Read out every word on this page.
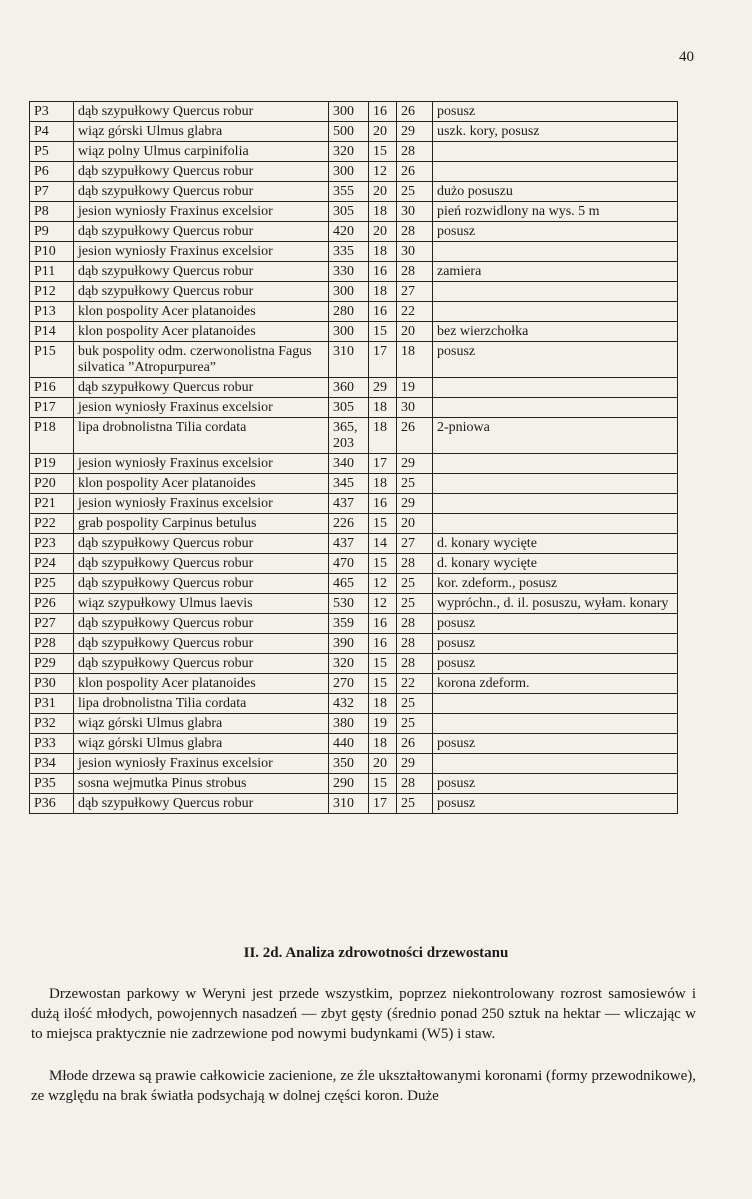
40
P3	dąb szypułkowy Quercus robur	300	16	26	posusz
P4	wiąz górski Ulmus glabra	500	20	29	uszk. kory, posusz
P5	wiąz polny Ulmus carpinifolia	320	15	28	
P6	dąb szypułkowy Quercus robur	300	12	26	
P7	dąb szypułkowy Quercus robur	355	20	25	dużo posuszu
P8	jesion wyniosły Fraxinus excelsior	305	18	30	pień rozwidlony na wys. 5 m
P9	dąb szypułkowy Quercus robur	420	20	28	posusz
P10	jesion wyniosły Fraxinus excelsior	335	18	30	
P11	dąb szypułkowy Quercus robur	330	16	28	zamiera
P12	dąb szypułkowy Quercus robur	300	18	27	
P13	klon pospolity Acer platanoides	280	16	22	
P14	klon pospolity Acer platanoides	300	15	20	bez wierzchołka
P15	buk pospolity odm. czerwonolistna Fagus silvatica ”Atropurpurea”	310	17	18	posusz
P16	dąb szypułkowy Quercus robur	360	29	19	
P17	jesion wyniosły Fraxinus excelsior	305	18	30	
P18	lipa drobnolistna Tilia cordata	365, 203	18	26	2-pniowa
P19	jesion wyniosły Fraxinus excelsior	340	17	29	
P20	klon pospolity Acer platanoides	345	18	25	
P21	jesion wyniosły Fraxinus excelsior	437	16	29	
P22	grab pospolity Carpinus betulus	226	15	20	
P23	dąb szypułkowy Quercus robur	437	14	27	d. konary wycięte
P24	dąb szypułkowy Quercus robur	470	15	28	d. konary wycięte
P25	dąb szypułkowy Quercus robur	465	12	25	kor. zdeform., posusz
P26	wiąz szypułkowy Ulmus laevis	530	12	25	wypróchn., d. il. posuszu, wyłam. konary
P27	dąb szypułkowy Quercus robur	359	16	28	posusz
P28	dąb szypułkowy Quercus robur	390	16	28	posusz
P29	dąb szypułkowy Quercus robur	320	15	28	posusz
P30	klon pospolity Acer platanoides	270	15	22	korona zdeform.
P31	lipa drobnolistna Tilia cordata	432	18	25	
P32	wiąz górski Ulmus glabra	380	19	25	
P33	wiąz górski Ulmus glabra	440	18	26	posusz
P34	jesion wyniosły Fraxinus excelsior	350	20	29	
P35	sosna wejmutka Pinus strobus	290	15	28	posusz
P36	dąb szypułkowy Quercus robur	310	17	25	posusz
II. 2d. Analiza zdrowotności drzewostanu

Drzewostan parkowy w Weryni jest przede wszystkim, poprzez niekontrolowany rozrost samosiewów i dużą ilość młodych, powojennych nasadzeń — zbyt gęsty (średnio ponad 250 sztuk na hektar — wliczając w to miejsca praktycznie nie zadrzewione pod nowymi budynkami (W5) i staw.

Młode drzewa są prawie całkowicie zacienione, ze źle ukształtowanymi koronami (formy przewodnikowe), ze względu na brak światła podsychają w dolnej części koron. Duże
